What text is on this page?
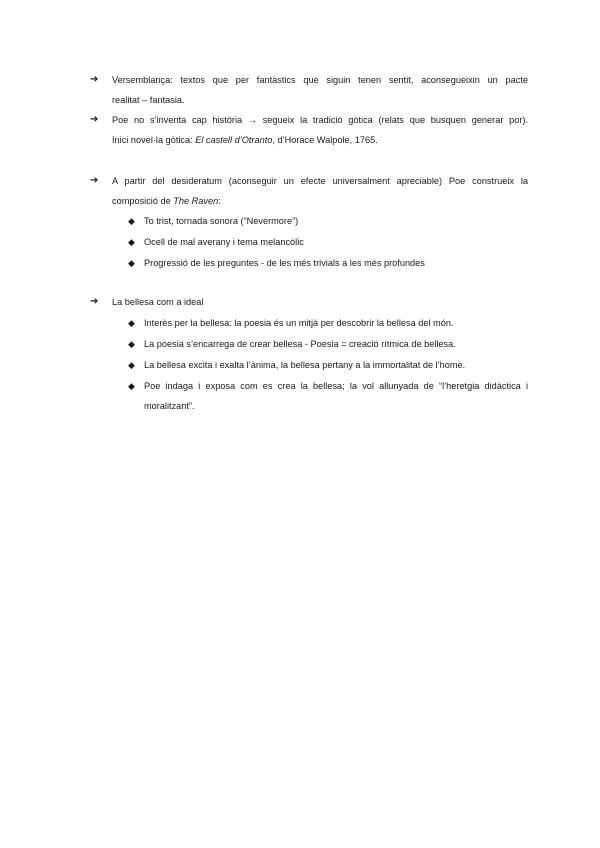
➔	Versemblança: textos que per fantàstics que siguin tenen sentit, aconsegueixin un pacte
realitat – fantasia.
➔	Poe no s’inventa cap història → segueix la tradició gòtica (relats que busquen generar por).
Inici novel·la gòtica: El castell d’Otranto, d’Horace Walpole, 1765.
➔	A partir del desideratum (aconseguir un efecte universalment apreciable) Poe construeix la
composició de The Raven:
◆ To trist, tornada sonora (“Nevermore”)
◆ Ocell de mal averany i tema melancòlic
◆ Progressió de les preguntes - de les més trivials a les més profundes
➔	La bellesa com a ideal
◆ Interès per la bellesa: la poesia és un mitjà per descobrir la bellesa del món.
◆ La poesia s’encarrega de crear bellesa - Poesia = creació rítmica de bellesa.
◆ La bellesa excita i exalta l’ànima, la bellesa pertany a la immortalitat de l’home.
◆ Poe indaga i exposa com es crea la bellesa; la vol allunyada de “l’heretgia didàctica i
moralitzant”.
